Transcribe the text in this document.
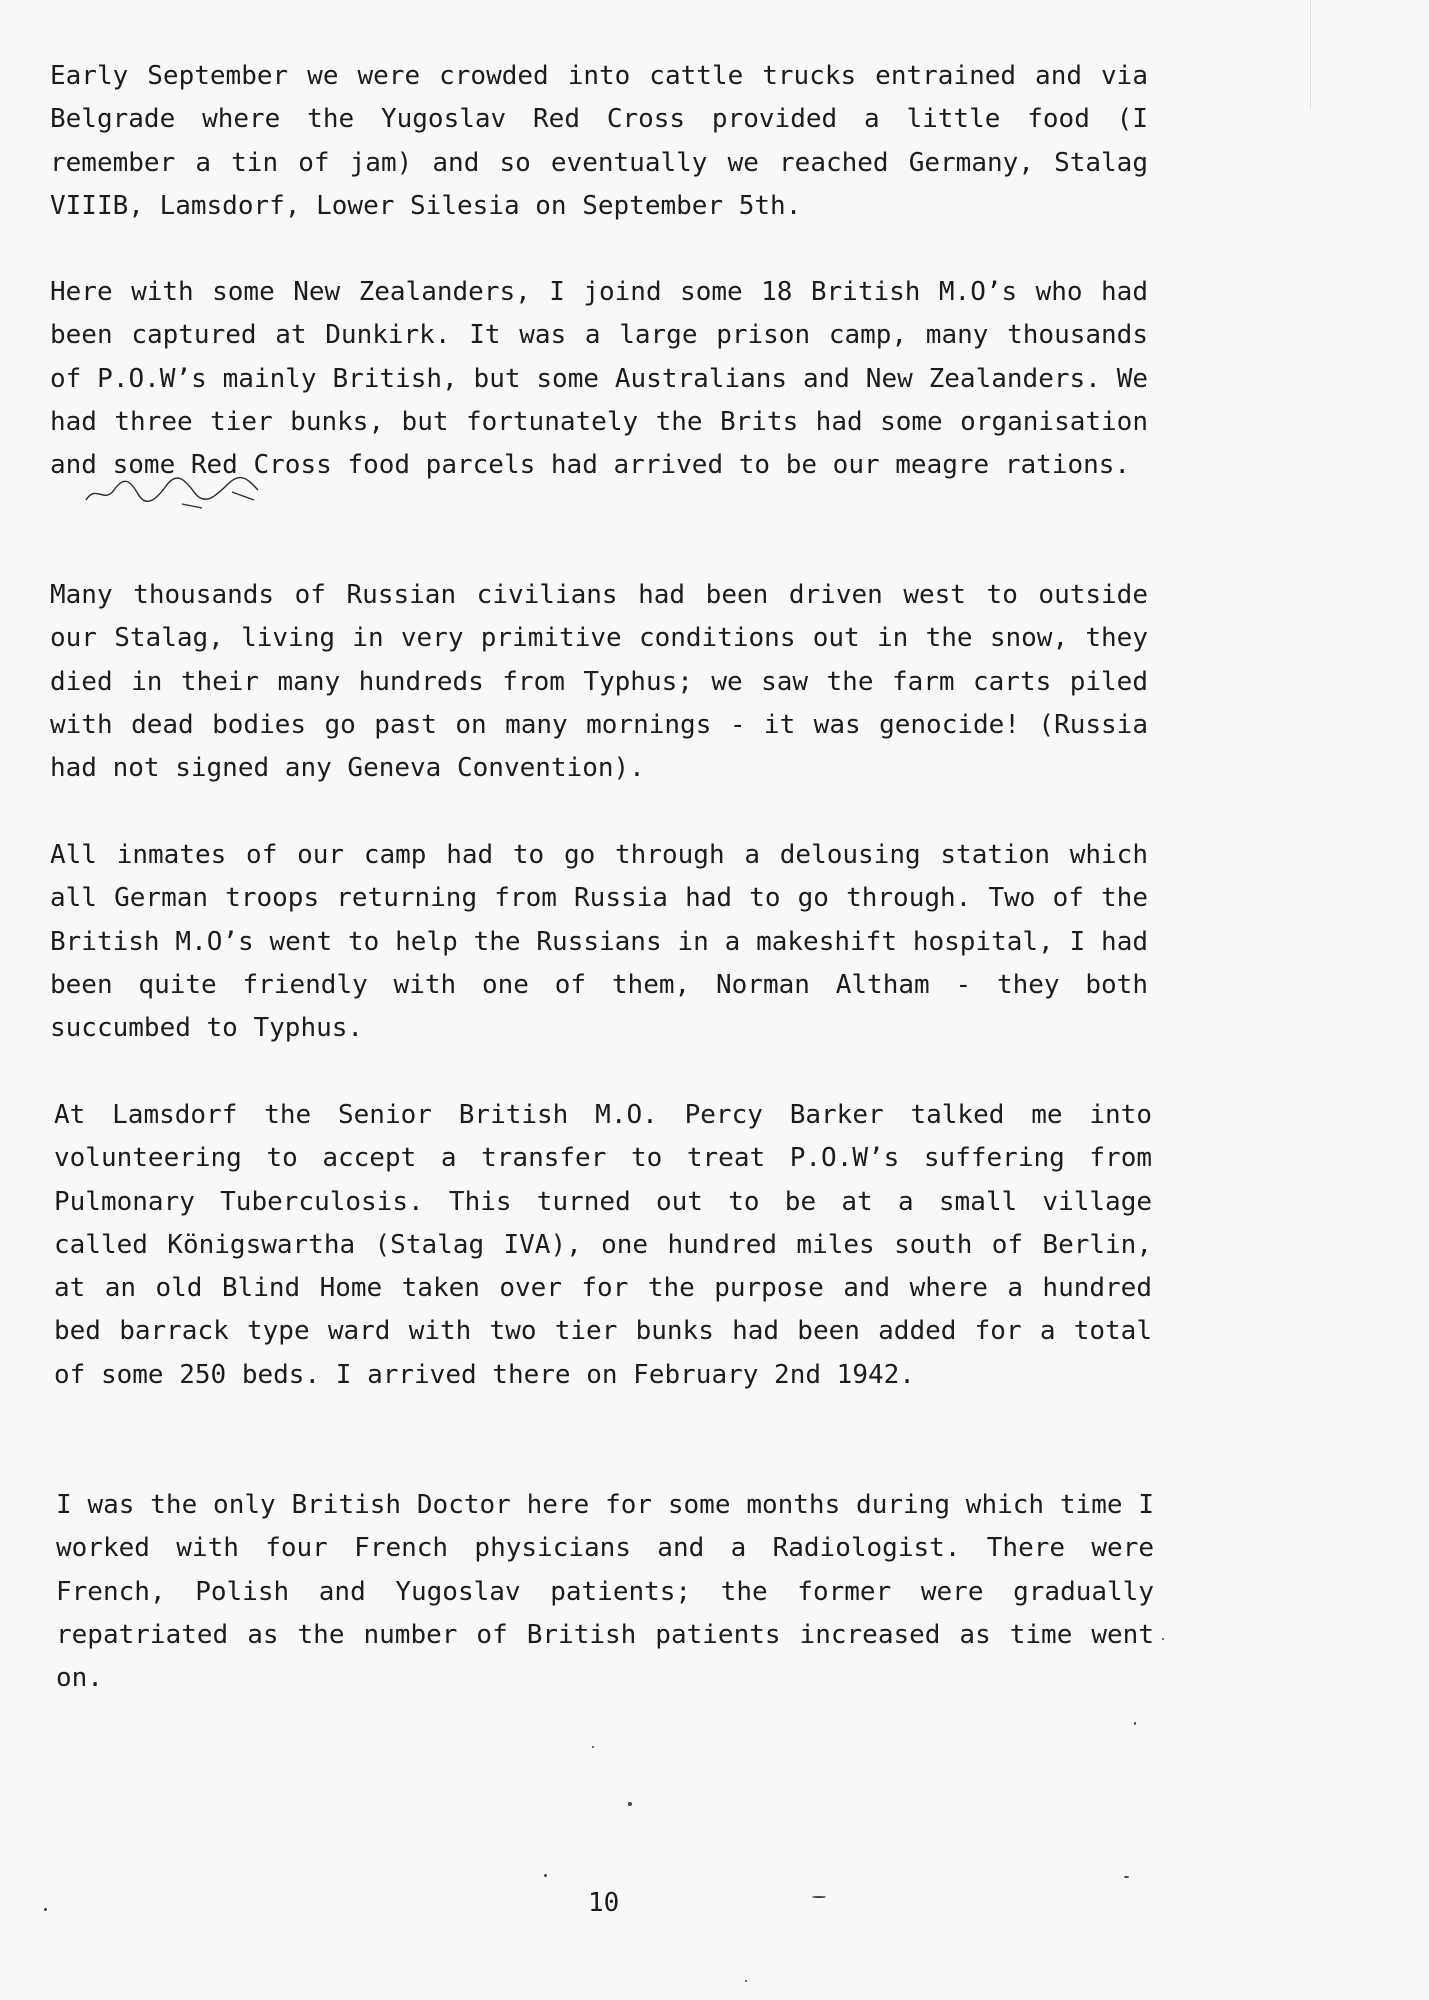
Early September we were crowded into cattle trucks entrained and via Belgrade where the Yugoslav Red Cross provided a little food (I remember a tin of jam) and so eventually we reached Germany, Stalag VIIIB, Lamsdorf, Lower Silesia on September 5th.

Here with some New Zealanders, I joind some 18 British M.O’s who had been captured at Dunkirk. It was a large prison camp, many thousands of P.O.W’s mainly British, but some Australians and New Zealanders. We had three tier bunks, but fortunately the Brits had some organisation and some Red Cross food parcels had arrived to be our meagre rations.

Many thousands of Russian civilians had been driven west to outside our Stalag, living in very primitive conditions out in the snow, they died in their many hundreds from Typhus; we saw the farm carts piled with dead bodies go past on many mornings - it was genocide! (Russia had not signed any Geneva Convention).

All inmates of our camp had to go through a delousing station which all German troops returning from Russia had to go through. Two of the British M.O’s went to help the Russians in a makeshift hospital, I had been quite friendly with one of them, Norman Altham - they both succumbed to Typhus.

At Lamsdorf the Senior British M.O. Percy Barker talked me into volunteering to accept a transfer to treat P.O.W’s suffering from Pulmonary Tuberculosis. This turned out to be at a small village called Königswartha (Stalag IVA), one hundred miles south of Berlin, at an old Blind Home taken over for the purpose and where a hundred bed barrack type ward with two tier bunks had been added for a total of some 250 beds. I arrived there on February 2nd 1942.

I was the only British Doctor here for some months during which time I worked with four French physicians and a Radiologist. There were French, Polish and Yugoslav patients; the former were gradually repatriated as the number of British patients increased as time went on.

10
